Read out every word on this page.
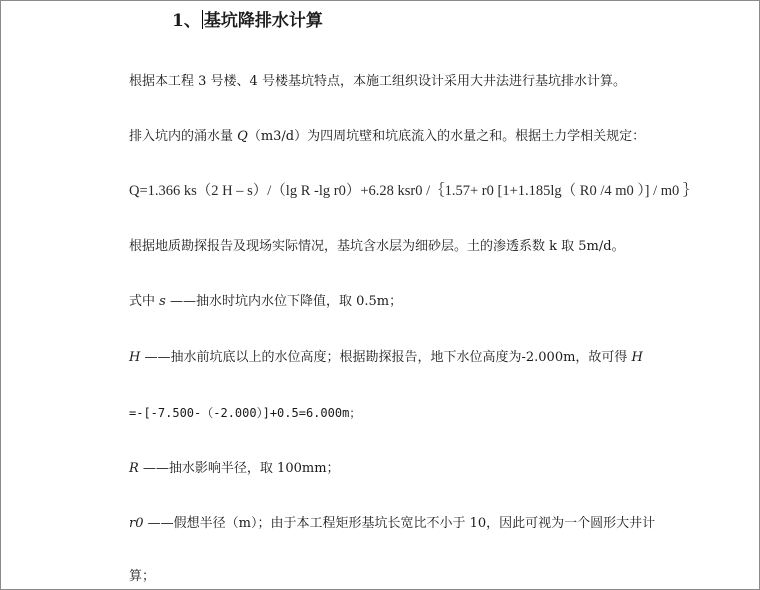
1、 基坑降排水计算
根据本工程 3 号楼、4 号楼基坑特点，本施工组织设计采用大井法进行基坑排水计算。
排入坑内的涌水量 Q（m3/d）为四周坑壁和坑底流入的水量之和。根据土力学相关规定：
Q=1.366 ks（2 H – s）/（lg R -lg r0）+6.28 ksr0 /｛1.57+ r0 [1+1.185lg（ R0 /4 m0 ）] / m0 ｝
根据地质勘探报告及现场实际情况，基坑含水层为细砂层。土的渗透系数 k 取 5m/d。
式中 s ——抽水时坑内水位下降值，取 0.5m；
H ——抽水前坑底以上的水位高度；根据勘探报告，地下水位高度为-2.000m，故可得 H
=-[-7.500-（-2.000）]+0.5=6.000m；
R ——抽水影响半径，取 100mm；
r0 ——假想半径（m）；由于本工程矩形基坑长宽比不小于 10，因此可视为一个圆形大井计
算；
